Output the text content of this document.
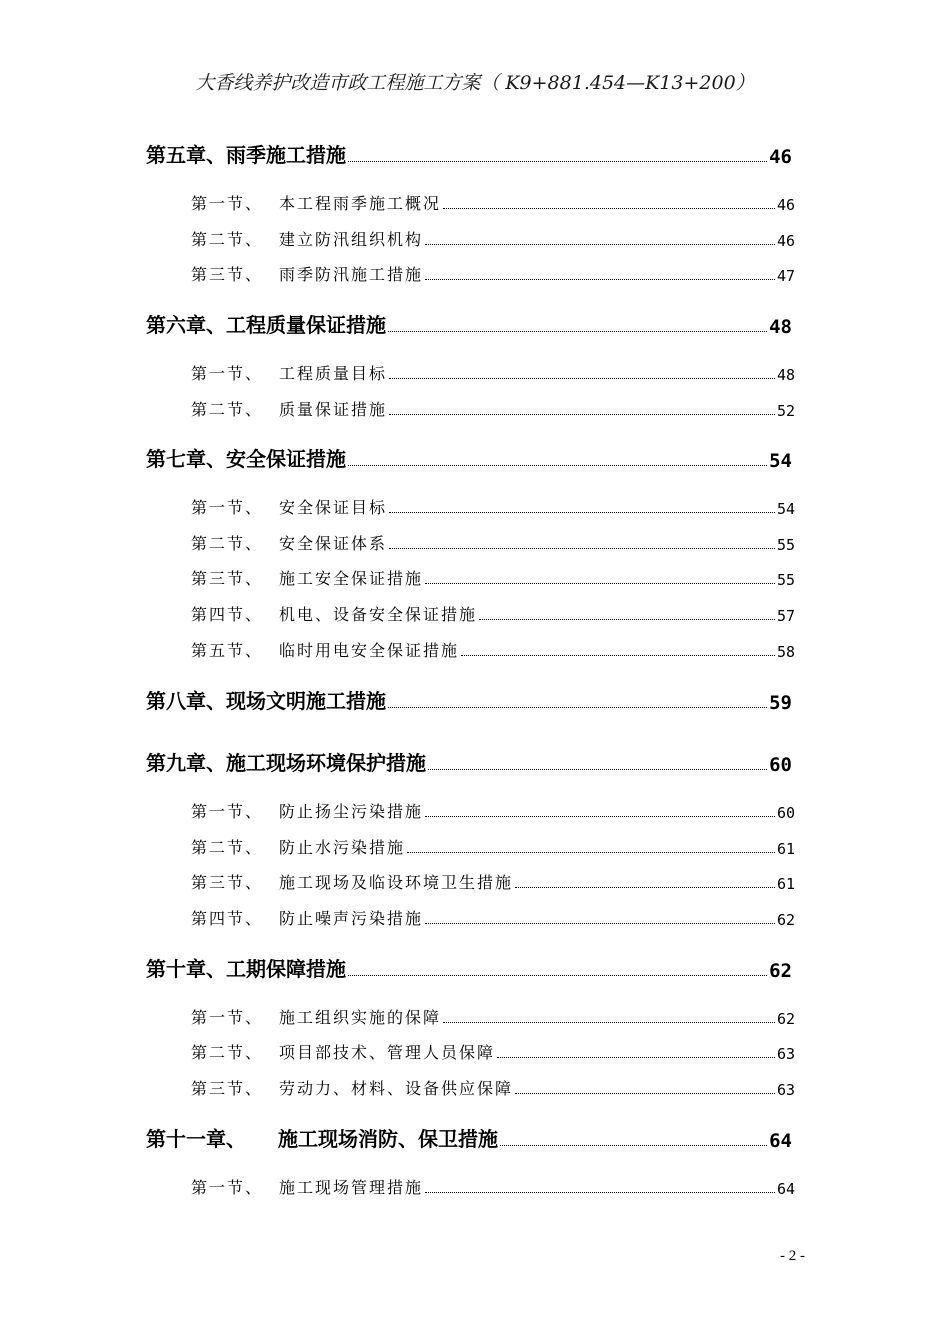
大香线养护改造市政工程施工方案（ K9+881.454—K13+200）
第五章、 雨季施工措施	46
第一节、 本工程雨季施工概况	46
第二节、 建立防汛组织机构	46
第三节、 雨季防汛施工措施	47
第六章、 工程质量保证措施	48
第一节、 工程质量目标	48
第二节、 质量保证措施	52
第七章、 安全保证措施	54
第一节、 安全保证目标	54
第二节、 安全保证体系	55
第三节、 施工安全保证措施	55
第四节、 机电、设备安全保证措施	57
第五节、 临时用电安全保证措施	58
第八章、 现场文明施工措施	59
第九章、 施工现场环境保护措施	60
第一节、 防止扬尘污染措施	60
第二节、 防止水污染措施	61
第三节、 施工现场及临设环境卫生措施	61
第四节、 防止噪声污染措施	62
第十章、 工期保障措施	62
第一节、 施工组织实施的保障	62
第二节、 项目部技术、管理人员保障	63
第三节、 劳动力、材料、设备供应保障	63
第十一章、	施工现场消防、保卫措施	64
第一节、 施工现场管理措施	64
- 2 -
